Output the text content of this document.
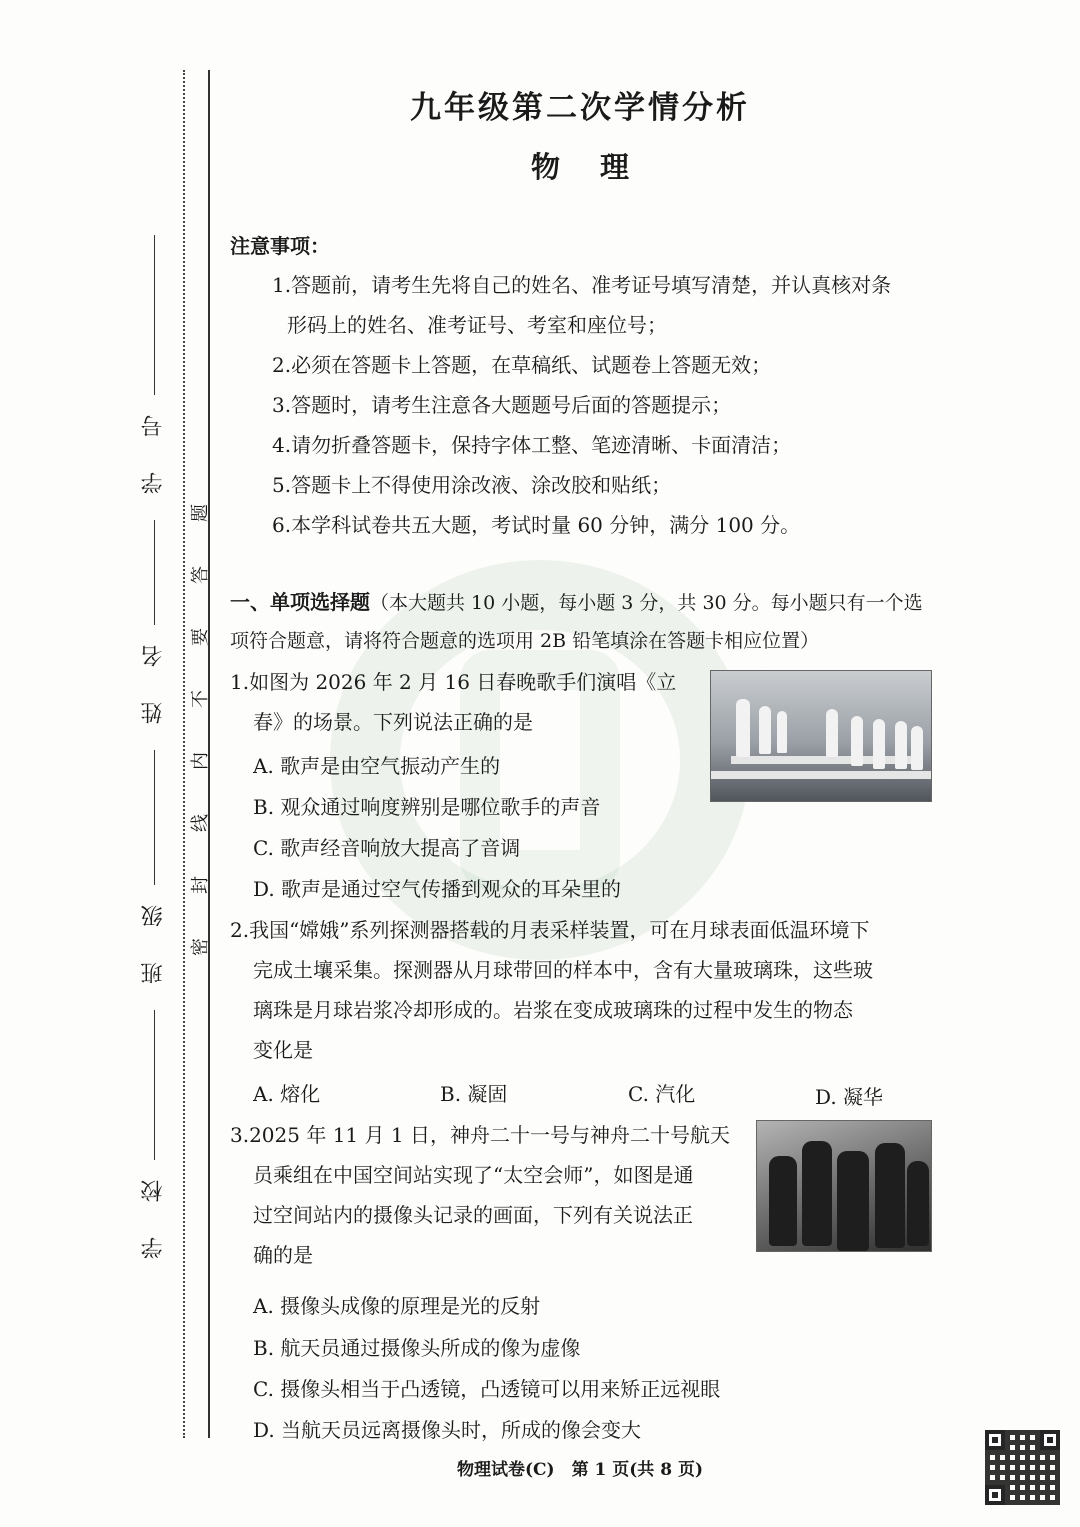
学 号
姓 名
班 级
学 校
题
答
要
不
内
线
封
密
九年级第二次学情分析
物 理
注意事项：
1.答题前，请考生先将自己的姓名、准考证号填写清楚，并认真核对条
形码上的姓名、准考证号、考室和座位号；
2.必须在答题卡上答题，在草稿纸、试题卷上答题无效；
3.答题时，请考生注意各大题题号后面的答题提示；
4.请勿折叠答题卡，保持字体工整、笔迹清晰、卡面清洁；
5.答题卡上不得使用涂改液、涂改胶和贴纸；
6.本学科试卷共五大题，考试时量 60 分钟，满分 100 分。
一、单项选择题（本大题共 10 小题，每小题 3 分，共 30 分。每小题只有一个选项符合题意，请将符合题意的选项用 2B 铅笔填涂在答题卡相应位置）
1.如图为 2026 年 2 月 16 日春晚歌手们演唱《立
春》的场景。下列说法正确的是
A. 歌声是由空气振动产生的
B. 观众通过响度辨别是哪位歌手的声音
C. 歌声经音响放大提高了音调
D. 歌声是通过空气传播到观众的耳朵里的
2.我国“嫦娥”系列探测器搭载的月表采样装置，可在月球表面低温环境下
完成土壤采集。探测器从月球带回的样本中，含有大量玻璃珠，这些玻
璃珠是月球岩浆冷却形成的。岩浆在变成玻璃珠的过程中发生的物态
变化是
A. 熔化	B. 凝固	C. 汽化	D. 凝华
3.2025 年 11 月 1 日，神舟二十一号与神舟二十号航天
员乘组在中国空间站实现了“太空会师”，如图是通
过空间站内的摄像头记录的画面，下列有关说法正
确的是
A. 摄像头成像的原理是光的反射
B. 航天员通过摄像头所成的像为虚像
C. 摄像头相当于凸透镜，凸透镜可以用来矫正远视眼
D. 当航天员远离摄像头时，所成的像会变大
物理试卷(C)　第 1 页(共 8 页)
